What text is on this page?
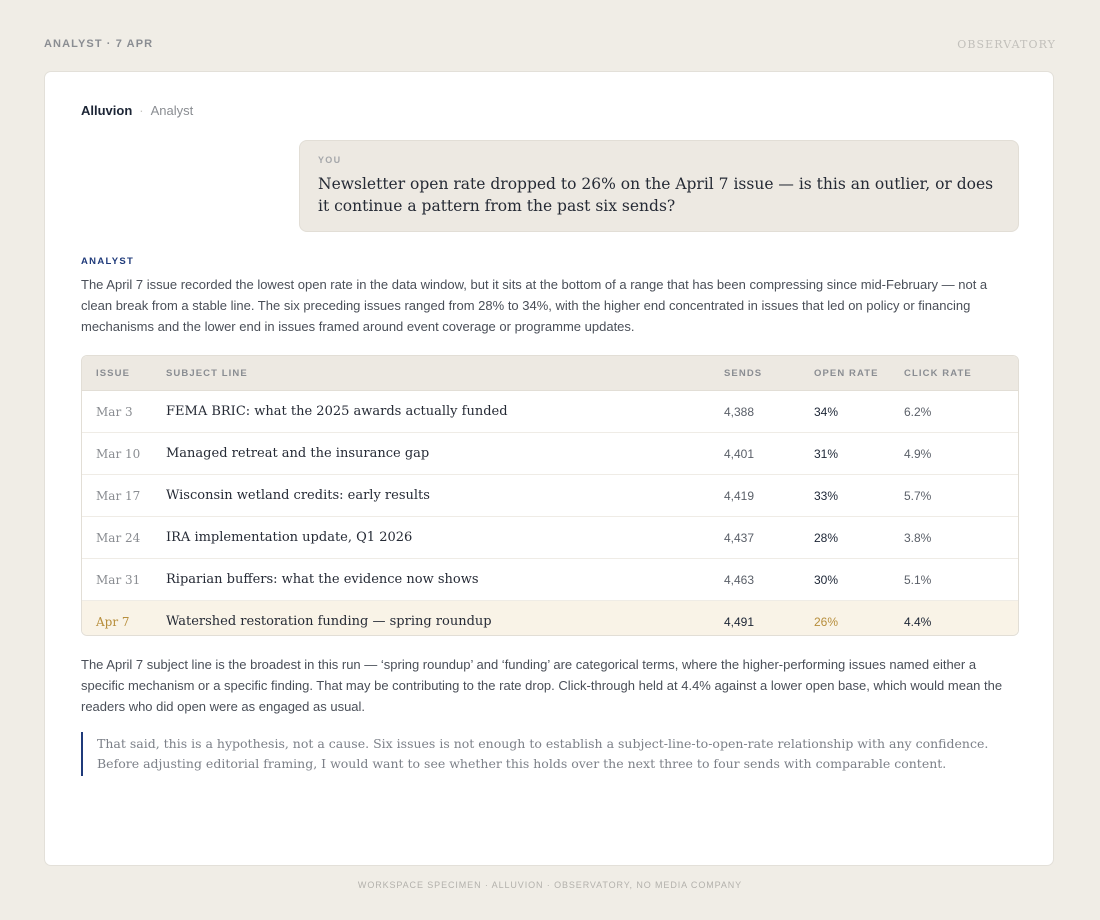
ANALYST · 7 APR	OBSERVATORY
Alluvion · Analyst
YOU
Newsletter open rate dropped to 26% on the April 7 issue — is this an outlier, or does it continue a pattern from the past six sends?
ANALYST
The April 7 issue recorded the lowest open rate in the data window, but it sits at the bottom of a range that has been compressing since mid-February — not a clean break from a stable line. The six preceding issues ranged from 28% to 34%, with the higher end concentrated in issues that led on policy or financing mechanisms and the lower end in issues framed around event coverage or programme updates.
ISSUE	SUBJECT LINE	SENDS	OPEN RATE	CLICK RATE
Mar 3	FEMA BRIC: what the 2025 awards actually funded	4,388	34%	6.2%
Mar 10 Managed retreat and the insurance gap	4,401	31%	4.9%
Mar 17 Wisconsin wetland credits: early results	4,419	33%	5.7%
Mar 24 IRA implementation update, Q1 2026	4,437	28%	3.8%
Mar 31 Riparian buffers: what the evidence now shows	4,463	30%	5.1%
Apr 7	Watershed restoration funding — spring roundup	4,491	26%	4.4%
The April 7 subject line is the broadest in this run — ‘spring roundup’ and ‘funding’ are categorical terms, where the higher-performing issues named either a specific mechanism or a specific finding. That may be contributing to the rate drop. Click-through held at 4.4% against a lower open base, which would mean the readers who did open were as engaged as usual.
That said, this is a hypothesis, not a cause. Six issues is not enough to establish a subject-line-to-open-rate relationship with any confidence. Before adjusting editorial framing, I would want to see whether this holds over the next three to four sends with comparable content.
WORKSPACE SPECIMEN · ALLUVION · OBSERVATORY, NO MEDIA COMPANY
